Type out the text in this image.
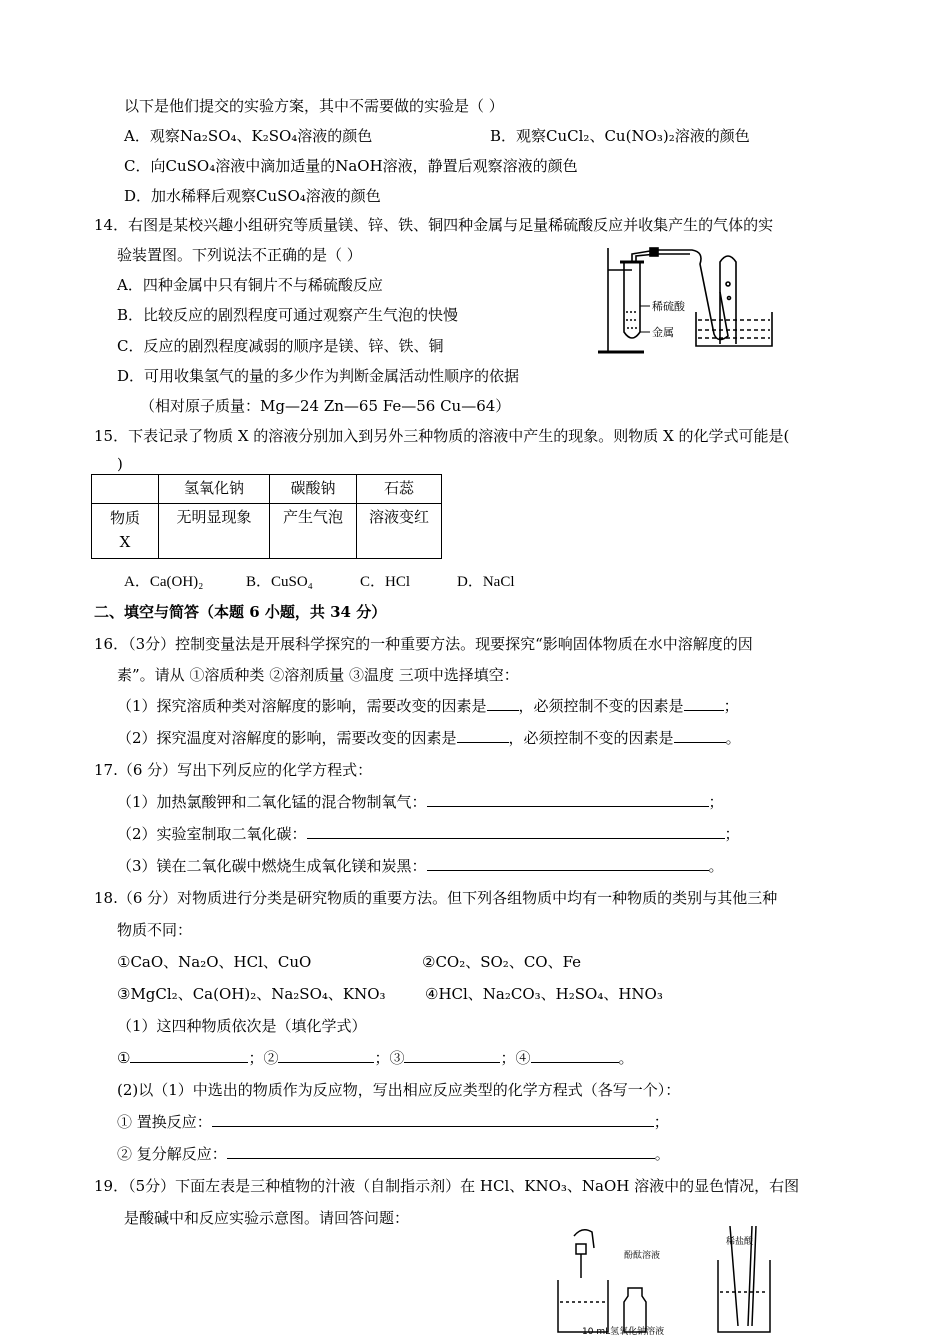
以下是他们提交的实验方案，其中不需要做的实验是（ ）
A．观察Na₂SO₄、K₂SO₄溶液的颜色	B．观察CuCl₂、Cu(NO₃)₂溶液的颜色
C．向CuSO₄溶液中滴加适量的NaOH溶液，静置后观察溶液的颜色
D．加水稀释后观察CuSO₄溶液的颜色
14．右图是某校兴趣小组研究等质量镁、锌、铁、铜四种金属与足量稀硫酸反应并收集产生的气体的实
验装置图。下列说法不正确的是（ ）
A．四种金属中只有铜片不与稀硫酸反应
B．比较反应的剧烈程度可通过观察产生气泡的快慢
C．反应的剧烈程度减弱的顺序是镁、锌、铁、铜
D．可用收集氢气的量的多少作为判断金属活动性顺序的依据
（相对原子质量：Mg—24 Zn—65 Fe—56 Cu—64）
稀硫酸
金属
15．下表记录了物质 X 的溶液分别加入到另外三种物质的溶液中产生的现象。则物质 X 的化学式可能是(
)
	氢氧化钠	碳酸钠	石蕊
物质
X	无明显现象	产生气泡	溶液变红
A．Ca(OH)₂	B．CuSO₄	C．HCl	D．NaCl
二、填空与简答（本题 6 小题，共 34 分）
16．（3分）控制变量法是开展科学探究的一种重要方法。现要探究“影响固体物质在水中溶解度的因
素”。请从 ①溶质种类 ②溶剂质量 ③温度 三项中选择填空：
（1）探究溶质种类对溶解度的影响，需要改变的因素是 ，必须控制不变的因素是	；
（2）探究温度对溶解度的影响，需要改变的因素是	，必须控制不变的因素是	。
17.（6 分）写出下列反应的化学方程式：
（1）加热氯酸钾和二氧化锰的混合物制氧气：	；
（2）实验室制取二氧化碳：	；
（3）镁在二氧化碳中燃烧生成氧化镁和炭黑：	。
18.（6 分）对物质进行分类是研究物质的重要方法。但下列各组物质中均有一种物质的类别与其他三种
物质不同：
①CaO、Na₂O、HCl、CuO	②CO₂、SO₂、CO、Fe
③MgCl₂、Ca(OH)₂、Na₂SO₄、KNO₃	④HCl、Na₂CO₃、H₂SO₄、HNO₃
（1）这四种物质依次是（填化学式）
①	；②	；③	；④	。
(2)以（1）中选出的物质作为反应物，写出相应反应类型的化学方程式（各写一个）：
① 置换反应：	；
② 复分解反应：	。
19．（5分）下面左表是三种植物的汁液（自制指示剂）在 HCl、KNO₃、NaOH 溶液中的显色情况，右图
是酸碱中和反应实验示意图。请回答问题：
酚酞溶液
10 mL氢氧化钠溶液
稀盐酸
